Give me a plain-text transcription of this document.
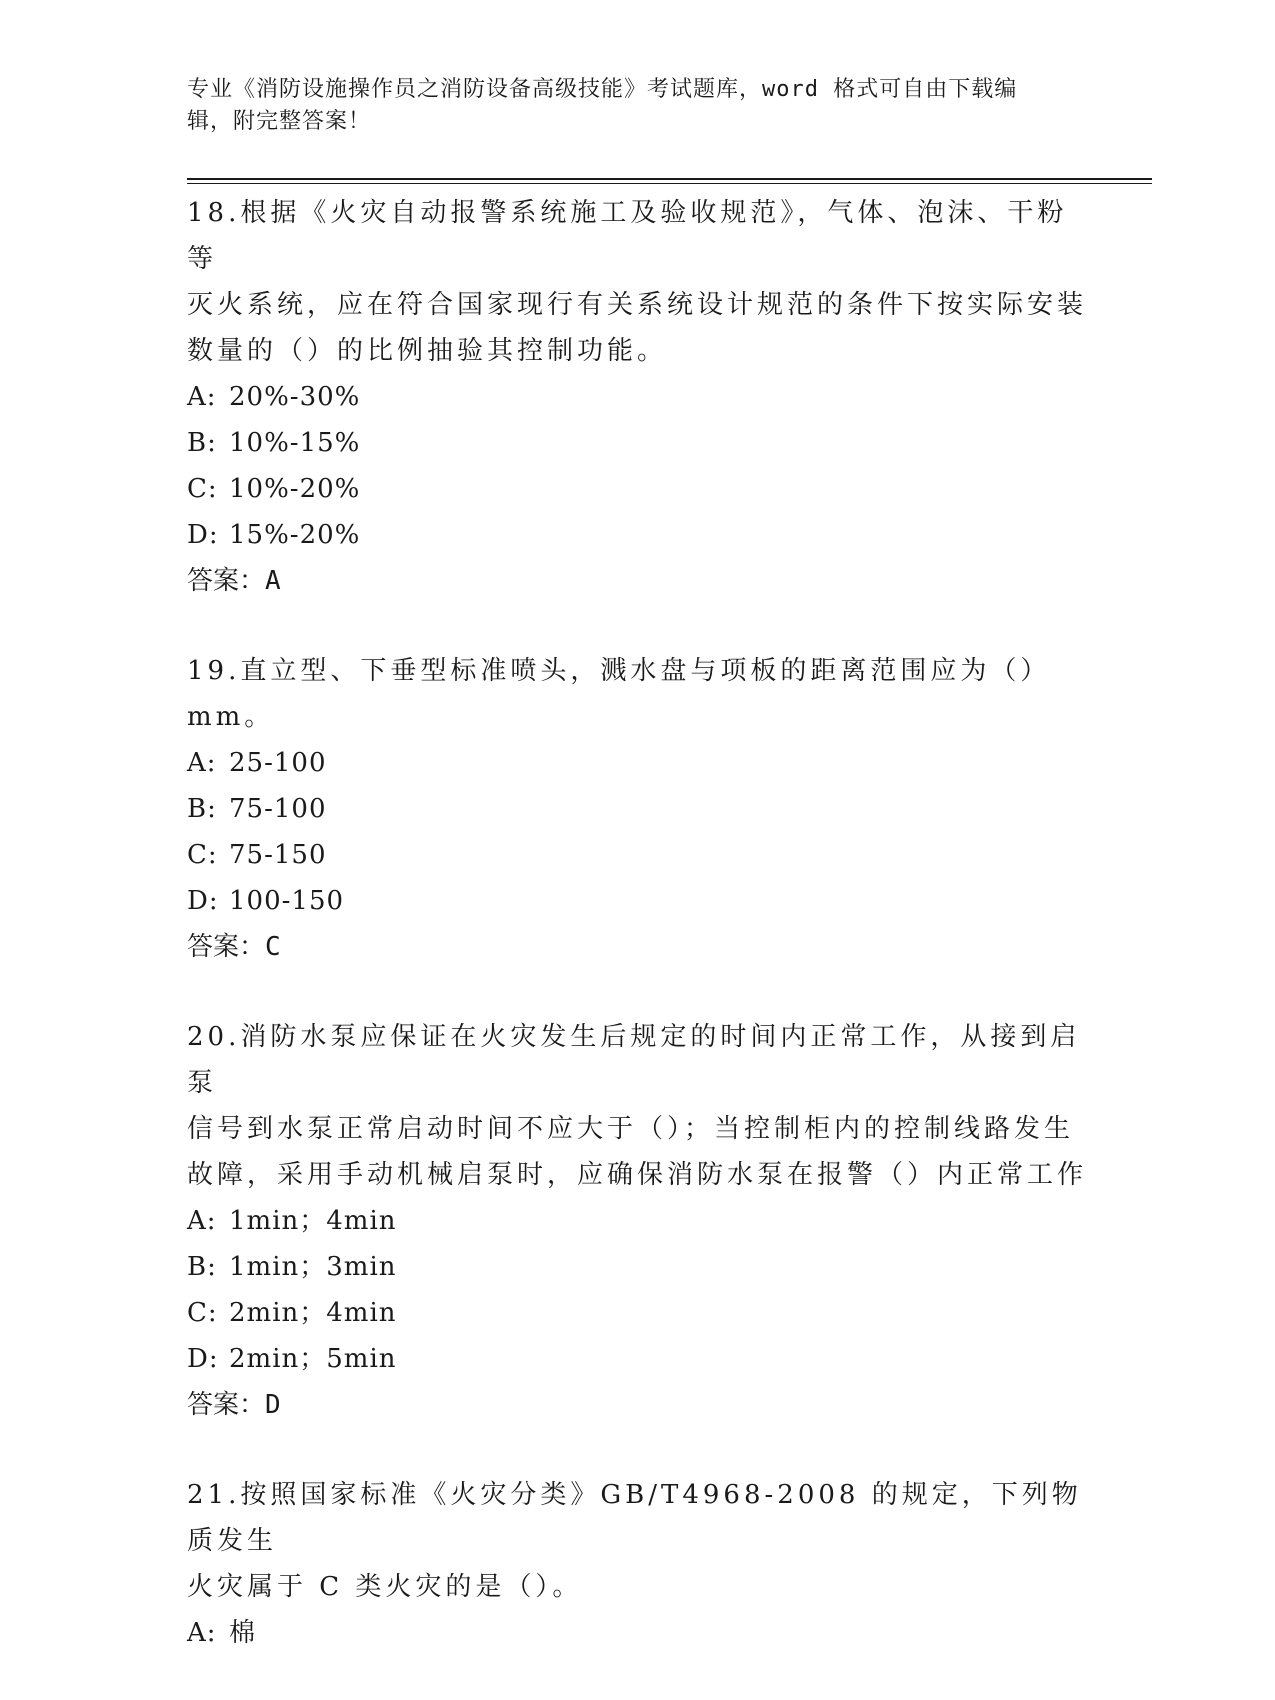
专业《消防设施操作员之消防设备高级技能》考试题库，word 格式可自由下载编
辑，附完整答案！

18.根据《火灾自动报警系统施工及验收规范》，气体、泡沫、干粉等

灭火系统，应在符合国家现行有关系统设计规范的条件下按实际安装

数量的（）的比例抽验其控制功能。

A: 20%-30%

B: 10%-15%

C: 10%-20%

D: 15%-20%

答案：A

19.直立型、下垂型标准喷头，溅水盘与项板的距离范围应为（）mm。

A: 25-100

B: 75-100

C: 75-150

D: 100-150

答案：C

20.消防水泵应保证在火灾发生后规定的时间内正常工作，从接到启泵

信号到水泵正常启动时间不应大于（）；当控制柜内的控制线路发生

故障，采用手动机械启泵时，应确保消防水泵在报警（）内正常工作

A: 1min；4min

B: 1min；3min

C: 2min；4min

D: 2min；5min

答案：D

21.按照国家标准《火灾分类》GB/T4968-2008 的规定，下列物质发生

火灾属于 C 类火灾的是（）。

A: 棉
